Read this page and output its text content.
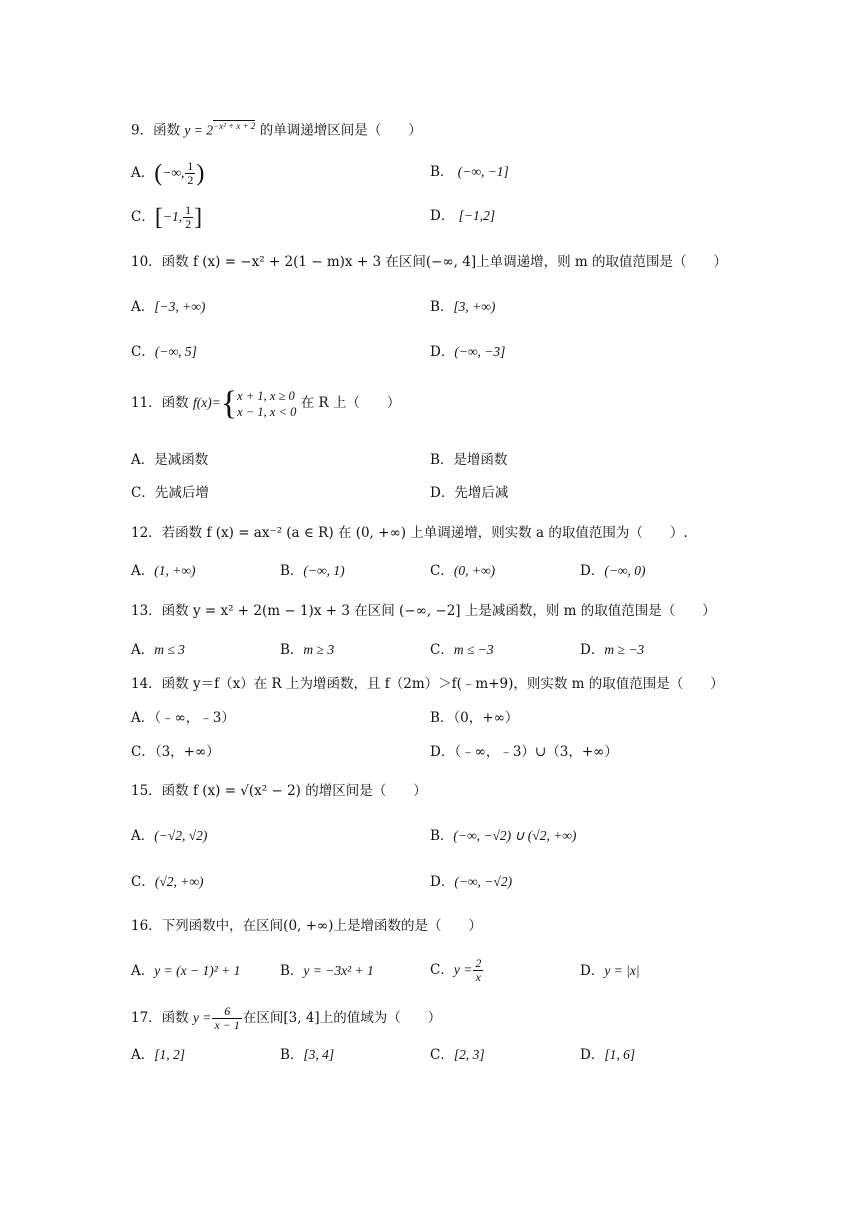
9．函数 $y = 2^{-x^2 + x + 2}$ 的单调递增区间是（　　）
A．(−∞, $\frac{1}{2}$ )	B． (−∞, −1]
C．[−1, $\frac{1}{2}$ ]	D． [−1,2]
10．函数 f (x) = −x² + 2(1 − m)x + 3 在区间(−∞, 4]上单调递增，则 m 的取值范围是（　　）
A．[−3, +∞)	B．[3, +∞)
C．(−∞, 5]	D．(−∞, −3]
11．函数 f(x)={ x + 1, x ≥ 0
x − 1, x < 0
在 R 上（　　）
A．是减函数	B．是增函数
C．先减后增	D．先增后减
12．若函数 f (x) = ax⁻² (a ∈ R) 在 (0, +∞) 上单调递增，则实数 a 的取值范围为（　　）.
A．(1, +∞)	B．(−∞, 1)	C．(0, +∞)	D．(−∞, 0)
13．函数 y = x² + 2(m − 1)x + 3 在区间 (−∞, −2] 上是减函数，则 m 的取值范围是（　　）
A．m ≤ 3	B．m ≥ 3	C．m ≤ −3	D．m ≥ −3
14．函数 y＝f（x）在 R 上为增函数，且 f（2m）＞f(﹣m+9)，则实数 m 的取值范围是（　　）
A．（﹣∞，﹣3）	B．（0，+∞）
C．（3，+∞）	D．（﹣∞，﹣3）∪（3，+∞）
15．函数 f (x) = √(x² − 2) 的增区间是（　　）
A．(−√2, √2)	B．(−∞, −√2) ∪ (√2, +∞)
C．(√2, +∞)	D．(−∞, −√2)
16．下列函数中，在区间(0, +∞)上是增函数的是（　　）
A．y = (x − 1)² + 1	B．y = −3x² + 1	C．$y = \frac{2}{x}$	D．y = |x|
17．函数 $y = \frac{6}{x - 1}$ 在区间[3, 4]上的值域为（　　）
A．[1, 2]	B．[3, 4]	C．[2, 3]	D．[1, 6]
